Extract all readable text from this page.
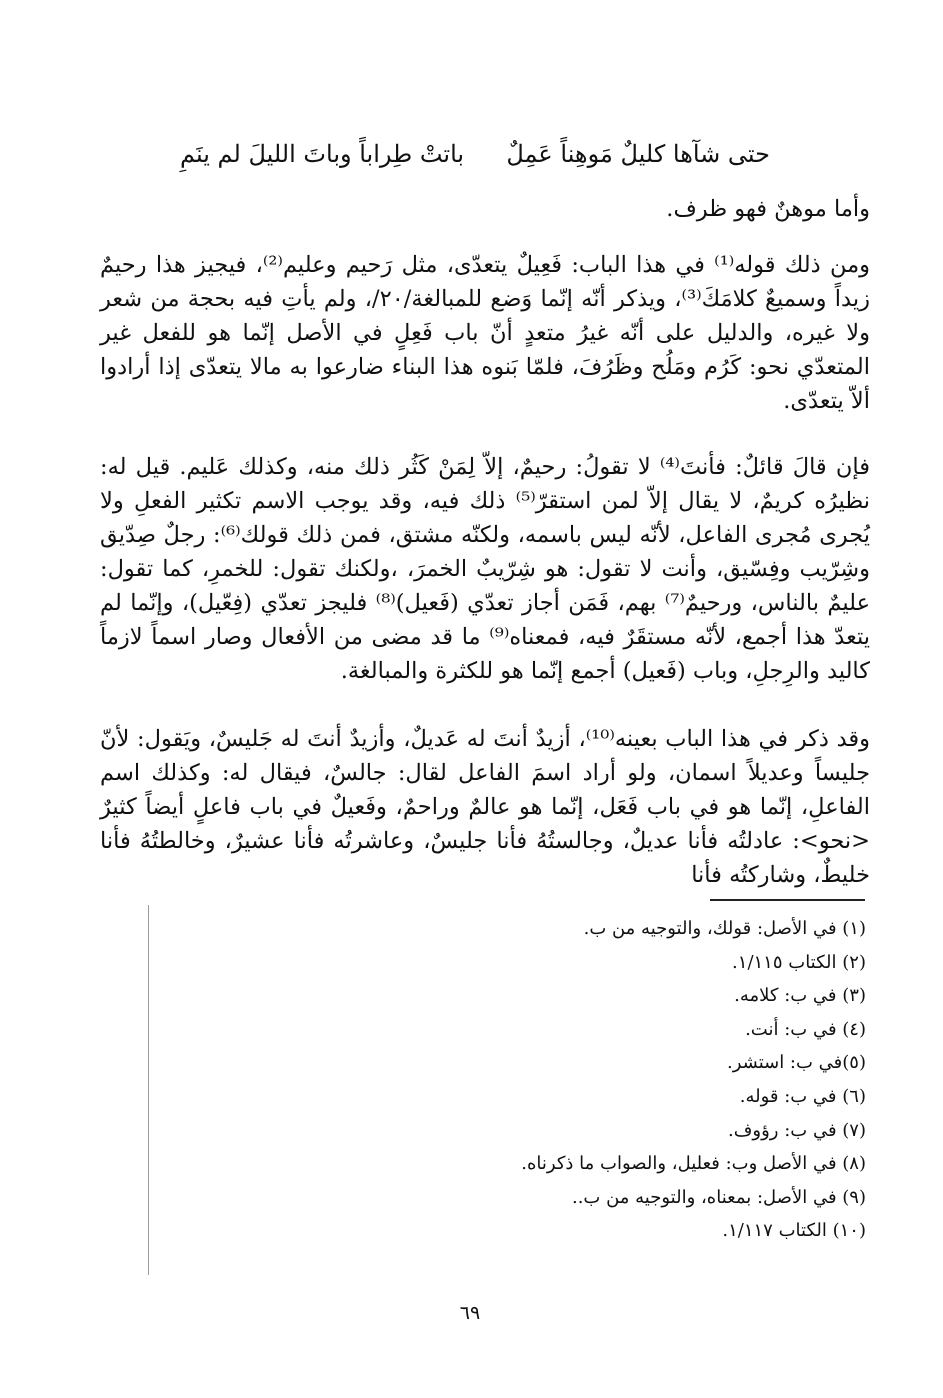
حتى شآها كليلٌ مَوهِناً عَمِلٌ
باتتْ طِراباً وباتَ الليلَ لم ينَمِ

وأما موهنٌ فهو ظرف.

ومن ذلك قوله⁽¹⁾ في هذا الباب: فَعِيلٌ يتعدّى، مثل رَحيم وعليم⁽²⁾، فيجيز هذا رحيمٌ زيداً وسميعٌ كلامَكَ⁽³⁾، ويذكر أنّه إنّما وَضع للمبالغة/٢٠/، ولم يأتِ فيه بحجة من شعر ولا غيره، والدليل على أنّه غيرُ متعدٍ أنّ باب فَعِلٍ في الأصل إنّما هو للفعل غير المتعدّي نحو: كَرُم ومَلُح وظَرُفَ، فلمّا بَنوه هذا البناء ضارعوا به مالا يتعدّى إذا أرادوا ألاّ يتعدّى.

فإن قالَ قائلٌ: فأنتَ⁽⁴⁾ لا تقولُ: رحيمٌ، إلاّ لِمَنْ كَثُر ذلك منه، وكذلك عَليم. قيل له: نظيرُه كريمٌ، لا يقال إلاّ لمن استقرّ⁽⁵⁾ ذلك فيه، وقد يوجب الاسم تكثير الفعلِ ولا يُجرى مُجرى الفاعل، لأنّه ليس باسمه، ولكنّه مشتق، فمن ذلك قولك⁽⁶⁾: رجلٌ صِدّيق وشِرّيب وفِسّيق، وأنت لا تقول: هو شِرّيبٌ الخمرَ، ،ولكنك تقول: للخمرِ، كما تقول: عليمٌ بالناس، ورحيمٌ⁽⁷⁾ بهم، فَمَن أجاز تعدّي (فَعيل)⁽⁸⁾ فليجز تعدّي (فِعّيل)، وإنّما لم يتعدّ هذا أجمع، لأنّه مستقَرٌ فيه، فمعناه⁽⁹⁾ ما قد مضى من الأفعال وصار اسماً لازماً كاليد والرِجلِ، وباب (فَعيل) أجمع إنّما هو للكثرة والمبالغة.

وقد ذكر في هذا الباب بعينه⁽¹⁰⁾، أزيدٌ أنتَ له عَديلٌ، وأزيدٌ أنتَ له جَليسٌ، ويَقول: لأنّ جليساً وعديلاً اسمان، ولو أراد اسمَ الفاعل لقال: جالسٌ، فيقال له: وكذلك اسم الفاعلِ، إنّما هو في باب فَعَل، إنّما هو عالمٌ وراحمٌ، وفَعيلٌ في باب فاعلٍ أيضاً كثيرٌ <نحو>: عادلتُه فأنا عديلٌ، وجالستُهُ فأنا جليسٌ، وعاشرتُه فأنا عشيرٌ، وخالطتُهُ فأنا خليطٌ، وشاركتُه فأنا

(١) في الأصل: قولك، والتوجيه من ب.
(٢) الكتاب ١/١١٥.
(٣) في ب: كلامه.
(٤) في ب: أنت.
(٥)في ب: استشر.
(٦) في ب: قوله.
(٧) في ب: رؤوف.
(٨) في الأصل وب: فعليل، والصواب ما ذكرناه.
(٩) في الأصل: بمعناه، والتوجيه من ب..
(١٠) الكتاب ١/١١٧.
٦٩
